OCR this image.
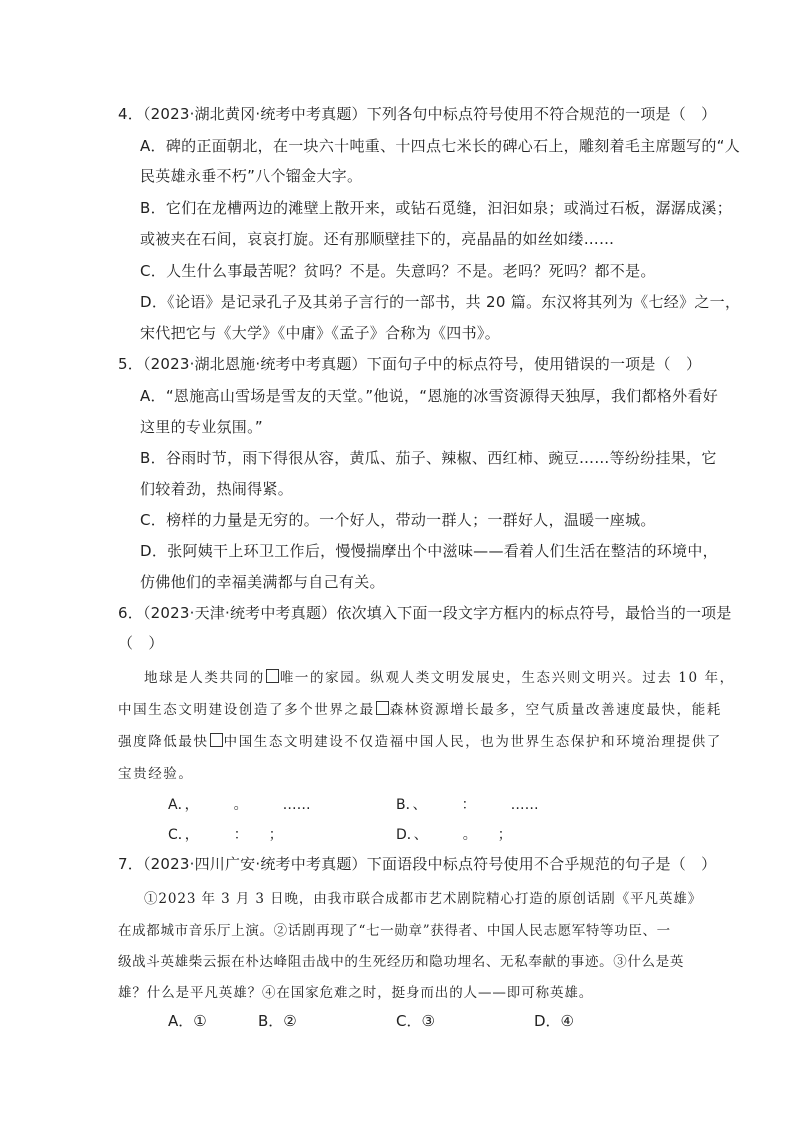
4．（2023·湖北黄冈·统考中考真题）下列各句中标点符号使用不符合规范的一项是（　）
A．碑的正面朝北，在一块六十吨重、十四点七米长的碑心石上，雕刻着毛主席题写的“人
民英雄永垂不朽”八个镏金大字。
B．它们在龙槽两边的滩壁上散开来，或钻石觅缝，汩汩如泉；或淌过石板，潺潺成溪；
或被夹在石间，哀哀打旋。还有那顺壁挂下的，亮晶晶的如丝如缕……
C．人生什么事最苦呢？贫吗？不是。失意吗？不是。老吗？死吗？都不是。
D．《论语》是记录孔子及其弟子言行的一部书，共 20 篇。东汉将其列为《七经》之一，
宋代把它与《大学》《中庸》《孟子》合称为《四书》。
5．（2023·湖北恩施·统考中考真题）下面句子中的标点符号，使用错误的一项是（　）
A．“恩施高山雪场是雪友的天堂。”他说，“恩施的冰雪资源得天独厚，我们都格外看好
这里的专业氛围。”
B．谷雨时节，雨下得很从容，黄瓜、茄子、辣椒、西红柿、豌豆……等纷纷挂果，它
们较着劲，热闹得紧。
C．榜样的力量是无穷的。一个好人，带动一群人；一群好人，温暖一座城。
D．张阿姨干上环卫工作后，慢慢揣摩出个中滋味——看着人们生活在整洁的环境中，
仿佛他们的幸福美满都与自己有关。
6．（2023·天津·统考中考真题）依次填入下面一段文字方框内的标点符号，最恰当的一项是
（　）
地球是人类共同的 唯一的家园。纵观人类文明发展史，生态兴则文明兴。过去 10 年，
中国生态文明建设创造了多个世界之最 森林资源增长最多，空气质量改善速度最快，能耗
强度降低最快 中国生态文明建设不仅造福中国人民，也为世界生态保护和环境治理提供了
宝贵经验。
A．，　　　。　　　……	B．、　　　：　　　……
C．，　　　：　　；	D．、　　　。　　；
7．（2023·四川广安·统考中考真题）下面语段中标点符号使用不合乎规范的句子是（　）
①2023 年 3 月 3 日晚，由我市联合成都市艺术剧院精心打造的原创话剧《平凡英雄》
在成都城市音乐厅上演。②话剧再现了“七一勋章”获得者、中国人民志愿军特等功臣、一
级战斗英雄柴云振在朴达峰阻击战中的生死经历和隐功埋名、无私奉献的事迹。③什么是英
雄？什么是平凡英雄？④在国家危难之时，挺身而出的人——即可称英雄。
A．①	B．②	C．③	D．④
